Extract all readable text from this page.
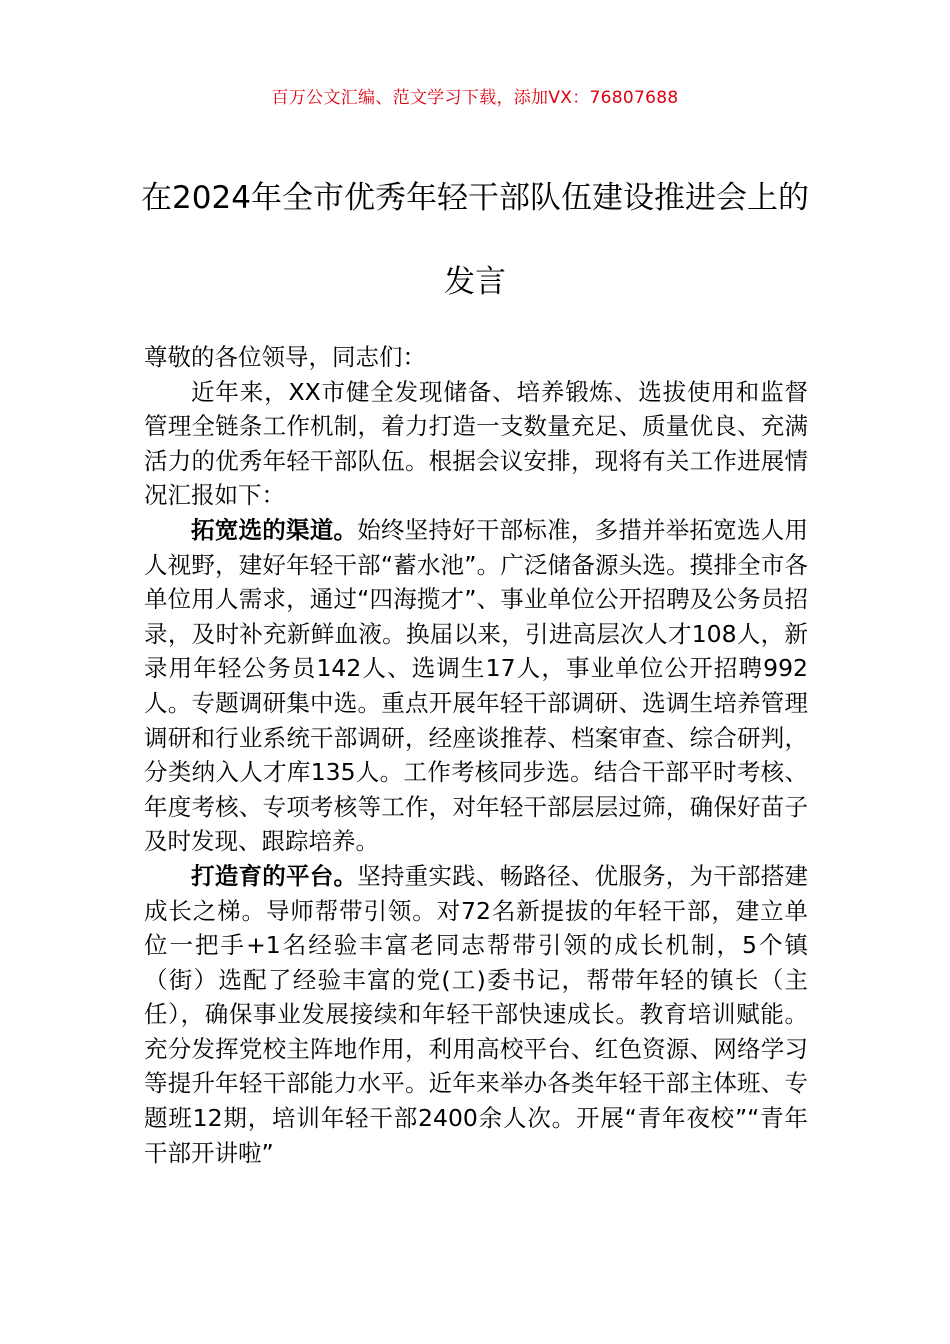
百万公文汇编、范文学习下载，添加VX：76807688
在2024年全市优秀年轻干部队伍建设推进会上的发言

尊敬的各位领导，同志们：

近年来，XX市健全发现储备、培养锻炼、选拔使用和监督管理全链条工作机制，着力打造一支数量充足、质量优良、充满活力的优秀年轻干部队伍。根据会议安排，现将有关工作进展情况汇报如下：

拓宽选的渠道。始终坚持好干部标准，多措并举拓宽选人用人视野，建好年轻干部“蓄水池”。广泛储备源头选。摸排全市各单位用人需求，通过“四海揽才”、事业单位公开招聘及公务员招录，及时补充新鲜血液。换届以来，引进高层次人才108人，新录用年轻公务员142人、选调生17人，事业单位公开招聘992人。专题调研集中选。重点开展年轻干部调研、选调生培养管理调研和行业系统干部调研，经座谈推荐、档案审查、综合研判，分类纳入人才库135人。工作考核同步选。结合干部平时考核、年度考核、专项考核等工作，对年轻干部层层过筛，确保好苗子及时发现、跟踪培养。

打造育的平台。坚持重实践、畅路径、优服务，为干部搭建成长之梯。导师帮带引领。对72名新提拔的年轻干部，建立单位一把手+1名经验丰富老同志帮带引领的成长机制，5个镇（街）选配了经验丰富的党(工)委书记，帮带年轻的镇长（主任），确保事业发展接续和年轻干部快速成长。教育培训赋能。充分发挥党校主阵地作用，利用高校平台、红色资源、网络学习等提升年轻干部能力水平。近年来举办各类年轻干部主体班、专题班12期，培训年轻干部2400余人次。开展“青年夜校”“青年干部开讲啦”
